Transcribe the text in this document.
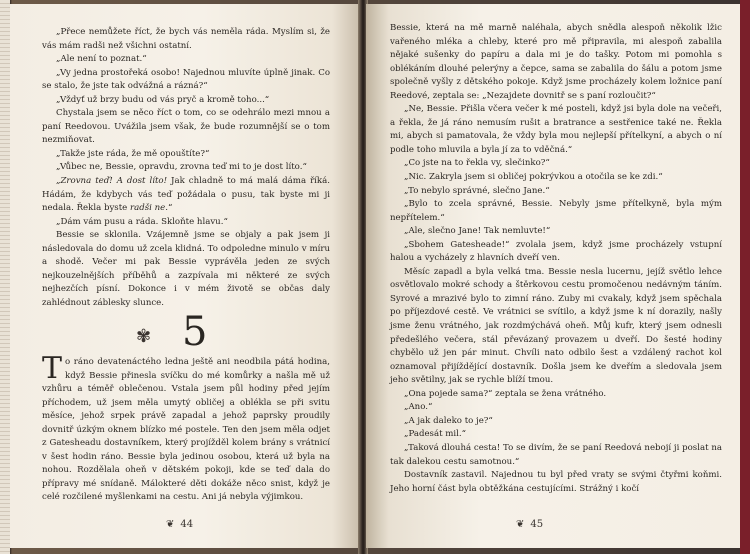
„Přece nemůžete říct, že bych vás neměla ráda. Myslím si, že vás mám radši než všichni ostatní.

„Ale není to poznat.“

„Vy jedna prostořeká osobo! Najednou mluvíte úplně jinak. Co se stalo, že jste tak odvážná a rázná?“

„Vždyť už brzy budu od vás pryč a kromě toho...“

Chystala jsem se něco říct o tom, co se odehrálo mezi mnou a paní Reedovou. Uvážila jsem však, že bude rozumnější se o tom nezmiňovat.

„Takže jste ráda, že mě opouštíte?“

„Vůbec ne, Bessie, opravdu, zrovna teď mi to je dost líto.“

„Zrovna teď! A dost líto! Jak chladně to má malá dáma říká. Hádám, že kdybych vás teď požádala o pusu, tak byste mi ji nedala. Řekla byste radši ne.“

„Dám vám pusu a ráda. Skloňte hlavu.“

Bessie se sklonila. Vzájemně jsme se objaly a pak jsem ji následovala do domu už zcela klidná. To odpoledne minulo v míru a shodě. Večer mi pak Bessie vyprávěla jeden ze svých nejkouzelnějších příběhů a zazpívala mi některé ze svých nejhezčích písní. Dokonce i v mém životě se občas daly zahlédnout záblesky slunce.

✾ 5

To ráno devatenáctého ledna ještě ani neodbila pátá hodina, když Bessie přinesla svíčku do mé komůrky a našla mě už vzhůru a téměř oblečenou. Vstala jsem půl hodiny před jejím příchodem, už jsem měla umytý obličej a oblékla se při svitu měsíce, jehož srpek právě zapadal a jehož paprsky proudily dovnitř úzkým oknem blízko mé postele. Ten den jsem měla odjet z Gatesheadu dostavníkem, který projížděl kolem brány s vrátnicí v šest hodin ráno. Bessie byla jedinou osobou, která už byla na nohou. Rozdělala oheň v dětském pokoji, kde se teď dala do přípravy mé snídaně. Málokteré děti dokáže něco snist, když je celé rozčilené myšlenkami na cestu. Ani já nebyla výjimkou.

❦ 44

Bessie, která na mě marně naléhala, abych snědla alespoň několik lžic vařeného mléka a chleby, které pro mě připravila, mi alespoň zabalila nějaké sušenky do papíru a dala mi je do tašky. Potom mi pomohla s oblékáním dlouhé pelerýny a čepce, sama se zabalila do šálu a potom jsme společně vyšly z dětského pokoje. Když jsme procházely kolem ložnice paní Reedové, zeptala se: „Nezajdete dovnitř se s paní rozloučit?“

„Ne, Bessie. Přišla včera večer k mé posteli, když jsi byla dole na večeři, a řekla, že já ráno nemusím rušit a bratrance a sestřenice také ne. Řekla mi, abych si pamatovala, že vždy byla mou nejlepší přítelkyní, a abych o ní podle toho mluvila a byla jí za to vděčná.“

„Co jste na to řekla vy, slečinko?“

„Nic. Zakryla jsem si obličej pokrývkou a otočila se ke zdi.“

„To nebylo správné, slečno Jane.“

„Bylo to zcela správné, Bessie. Nebyly jsme přítelkyně, byla mým nepřítelem.“

„Ale, slečno Jane! Tak nemluvte!“

„Sbohem Gatesheade!“ zvolala jsem, když jsme procházely vstupní halou a vycházely z hlavních dveří ven.

Měsíc zapadl a byla velká tma. Bessie nesla lucernu, jejíž světlo lehce osvětlovalo mokré schody a štěrkovou cestu promočenou nedávným táním. Syrové a mrazivé bylo to zimní ráno. Zuby mi cvakaly, když jsem spěchala po příjezdové cestě. Ve vrátnici se svítilo, a když jsme k ní dorazily, našly jsme ženu vrátného, jak rozdmýchává oheň. Můj kufr, který jsem odnesli předešlého večera, stál převázaný provazem u dveří. Do šesté hodiny chybělo už jen pár minut. Chvíli nato odbilo šest a vzdálený rachot kol oznamoval přijíždějící dostavník. Došla jsem ke dveřím a sledovala jsem jeho světilny, jak se rychle blíží tmou.

„Ona pojede sama?“ zeptala se žena vrátného.

„Ano.“

„A jak daleko to je?“

„Padesát mil.“

„Taková dlouhá cesta! To se divím, že se paní Reedová nebojí ji poslat na tak dalekou cestu samotnou.“

Dostavník zastavil. Najednou tu byl před vraty se svými čtyřmi koňmi. Jeho horní část byla obtěžkána cestujícími. Strážný i kočí

❦ 45
